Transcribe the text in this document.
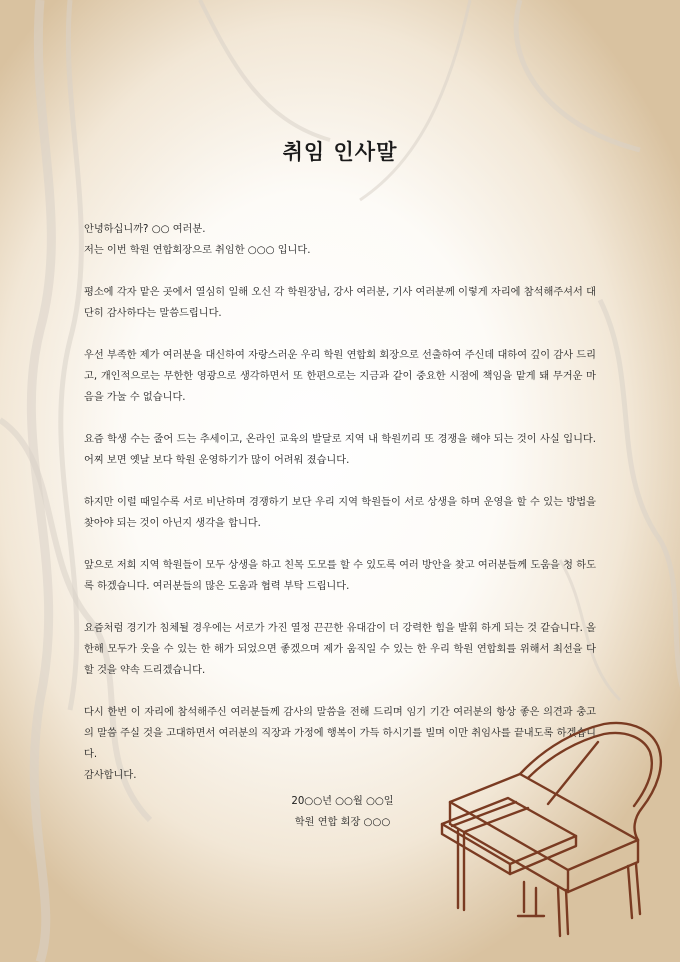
취임 인사말

안녕하십니까? ○○ 여러분.

저는 이번 학원 연합회장으로 취임한 ○○○ 입니다.

평소에 각자 맡은 곳에서 열심히 일해 오신 각 학원장님, 강사 여러분, 기사 여러분께 이렇게 자리에 참석해주셔서 대단히 감사하다는 말씀드립니다.

우선 부족한 제가 여러분을 대신하여 자랑스러운 우리 학원 연합회 회장으로 선출하여 주신데 대하여 깊이 감사 드리고, 개인적으로는 무한한 영광으로 생각하면서 또 한편으로는 지금과 같이 중요한 시점에 책임을 맡게 돼 무거운 마음을 가눌 수 없습니다.

요즘 학생 수는 줄어 드는 추세이고, 온라인 교육의 발달로 지역 내 학원끼리 또 경쟁을 해야 되는 것이 사실 입니다. 어찌 보면 옛날 보다 학원 운영하기가 많이 어려워 졌습니다.

하지만 이럴 때일수록 서로 비난하며 경쟁하기 보단 우리 지역 학원들이 서로 상생을 하며 운영을 할 수 있는 방법을 찾아야 되는 것이 아닌지 생각을 합니다.

앞으로 저희 지역 학원들이 모두 상생을 하고 친목 도모를 할 수 있도록 여러 방안을 찾고 여러분들께 도움을 청 하도록 하겠습니다. 여러분들의 많은 도움과 협력 부탁 드립니다.

요즘처럼 경기가 침체될 경우에는 서로가 가진 열정 끈끈한 유대감이 더 강력한 힘을 발휘 하게 되는 것 같습니다. 올 한해 모두가 웃을 수 있는 한 해가 되었으면 좋겠으며 제가 움직일 수 있는 한 우리 학원 연합회를 위해서 최선을 다 할 것을 약속 드리겠습니다.

다시 한번 이 자리에 참석해주신 여러분들께 감사의 말씀을 전해 드리며 임기 기간 여러분의 항상 좋은 의견과 충고의 말씀 주실 것을 고대하면서 여러분의 직장과 가정에 행복이 가득 하시기를 빌며 이만 취임사를 끝내도록 하겠습니다.

감사합니다.

20○○년 ○○월 ○○일
학원 연합 회장 ○○○
